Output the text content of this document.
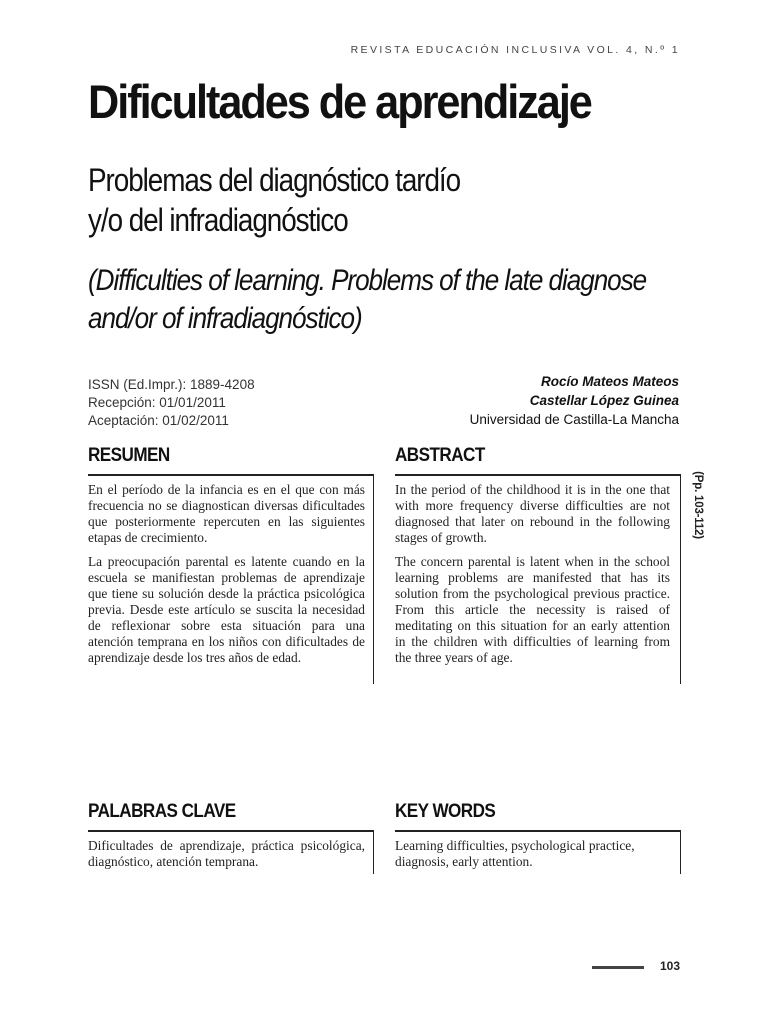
REVISTA EDUCACIÓN INCLUSIVA VOL. 4, N.º 1
Dificultades de aprendizaje
Problemas del diagnóstico tardío
y/o del infradiagnóstico
(Difficulties of learning. Problems of the late diagnose
and/or of infradiagnóstico)
ISSN (Ed.Impr.): 1889-4208
Recepción: 01/01/2011
Aceptación: 01/02/2011
Rocío Mateos Mateos
Castellar López Guinea
Universidad de Castilla-La Mancha
RESUMEN

En el período de la infancia es en el que con más frecuencia no se diagnostican diversas dificultades que posteriormente repercuten en las siguientes etapas de crecimiento.

La preocupación parental es latente cuando en la escuela se manifiestan problemas de aprendizaje que tiene su solución desde la práctica psicológica previa. Desde este artículo se suscita la necesidad de reflexionar sobre esta situación para una atención temprana en los niños con dificultades de aprendizaje desde los tres años de edad.

ABSTRACT

In the period of the childhood it is in the one that with more frequency diverse difficulties are not diagnosed that later on rebound in the following stages of growth.

The concern parental is latent when in the school learning problems are manifested that has its solution from the psychological previous practice. From this article the necessity is raised of meditating on this situation for an early attention in the children with difficulties of learning from the three years of age.

(Pp. 103-112)
PALABRAS CLAVE
Dificultades de aprendizaje, práctica psicológica, diagnóstico, atención temprana.
KEY WORDS
Learning difficulties, psychological practice, diagnosis, early attention.
103
